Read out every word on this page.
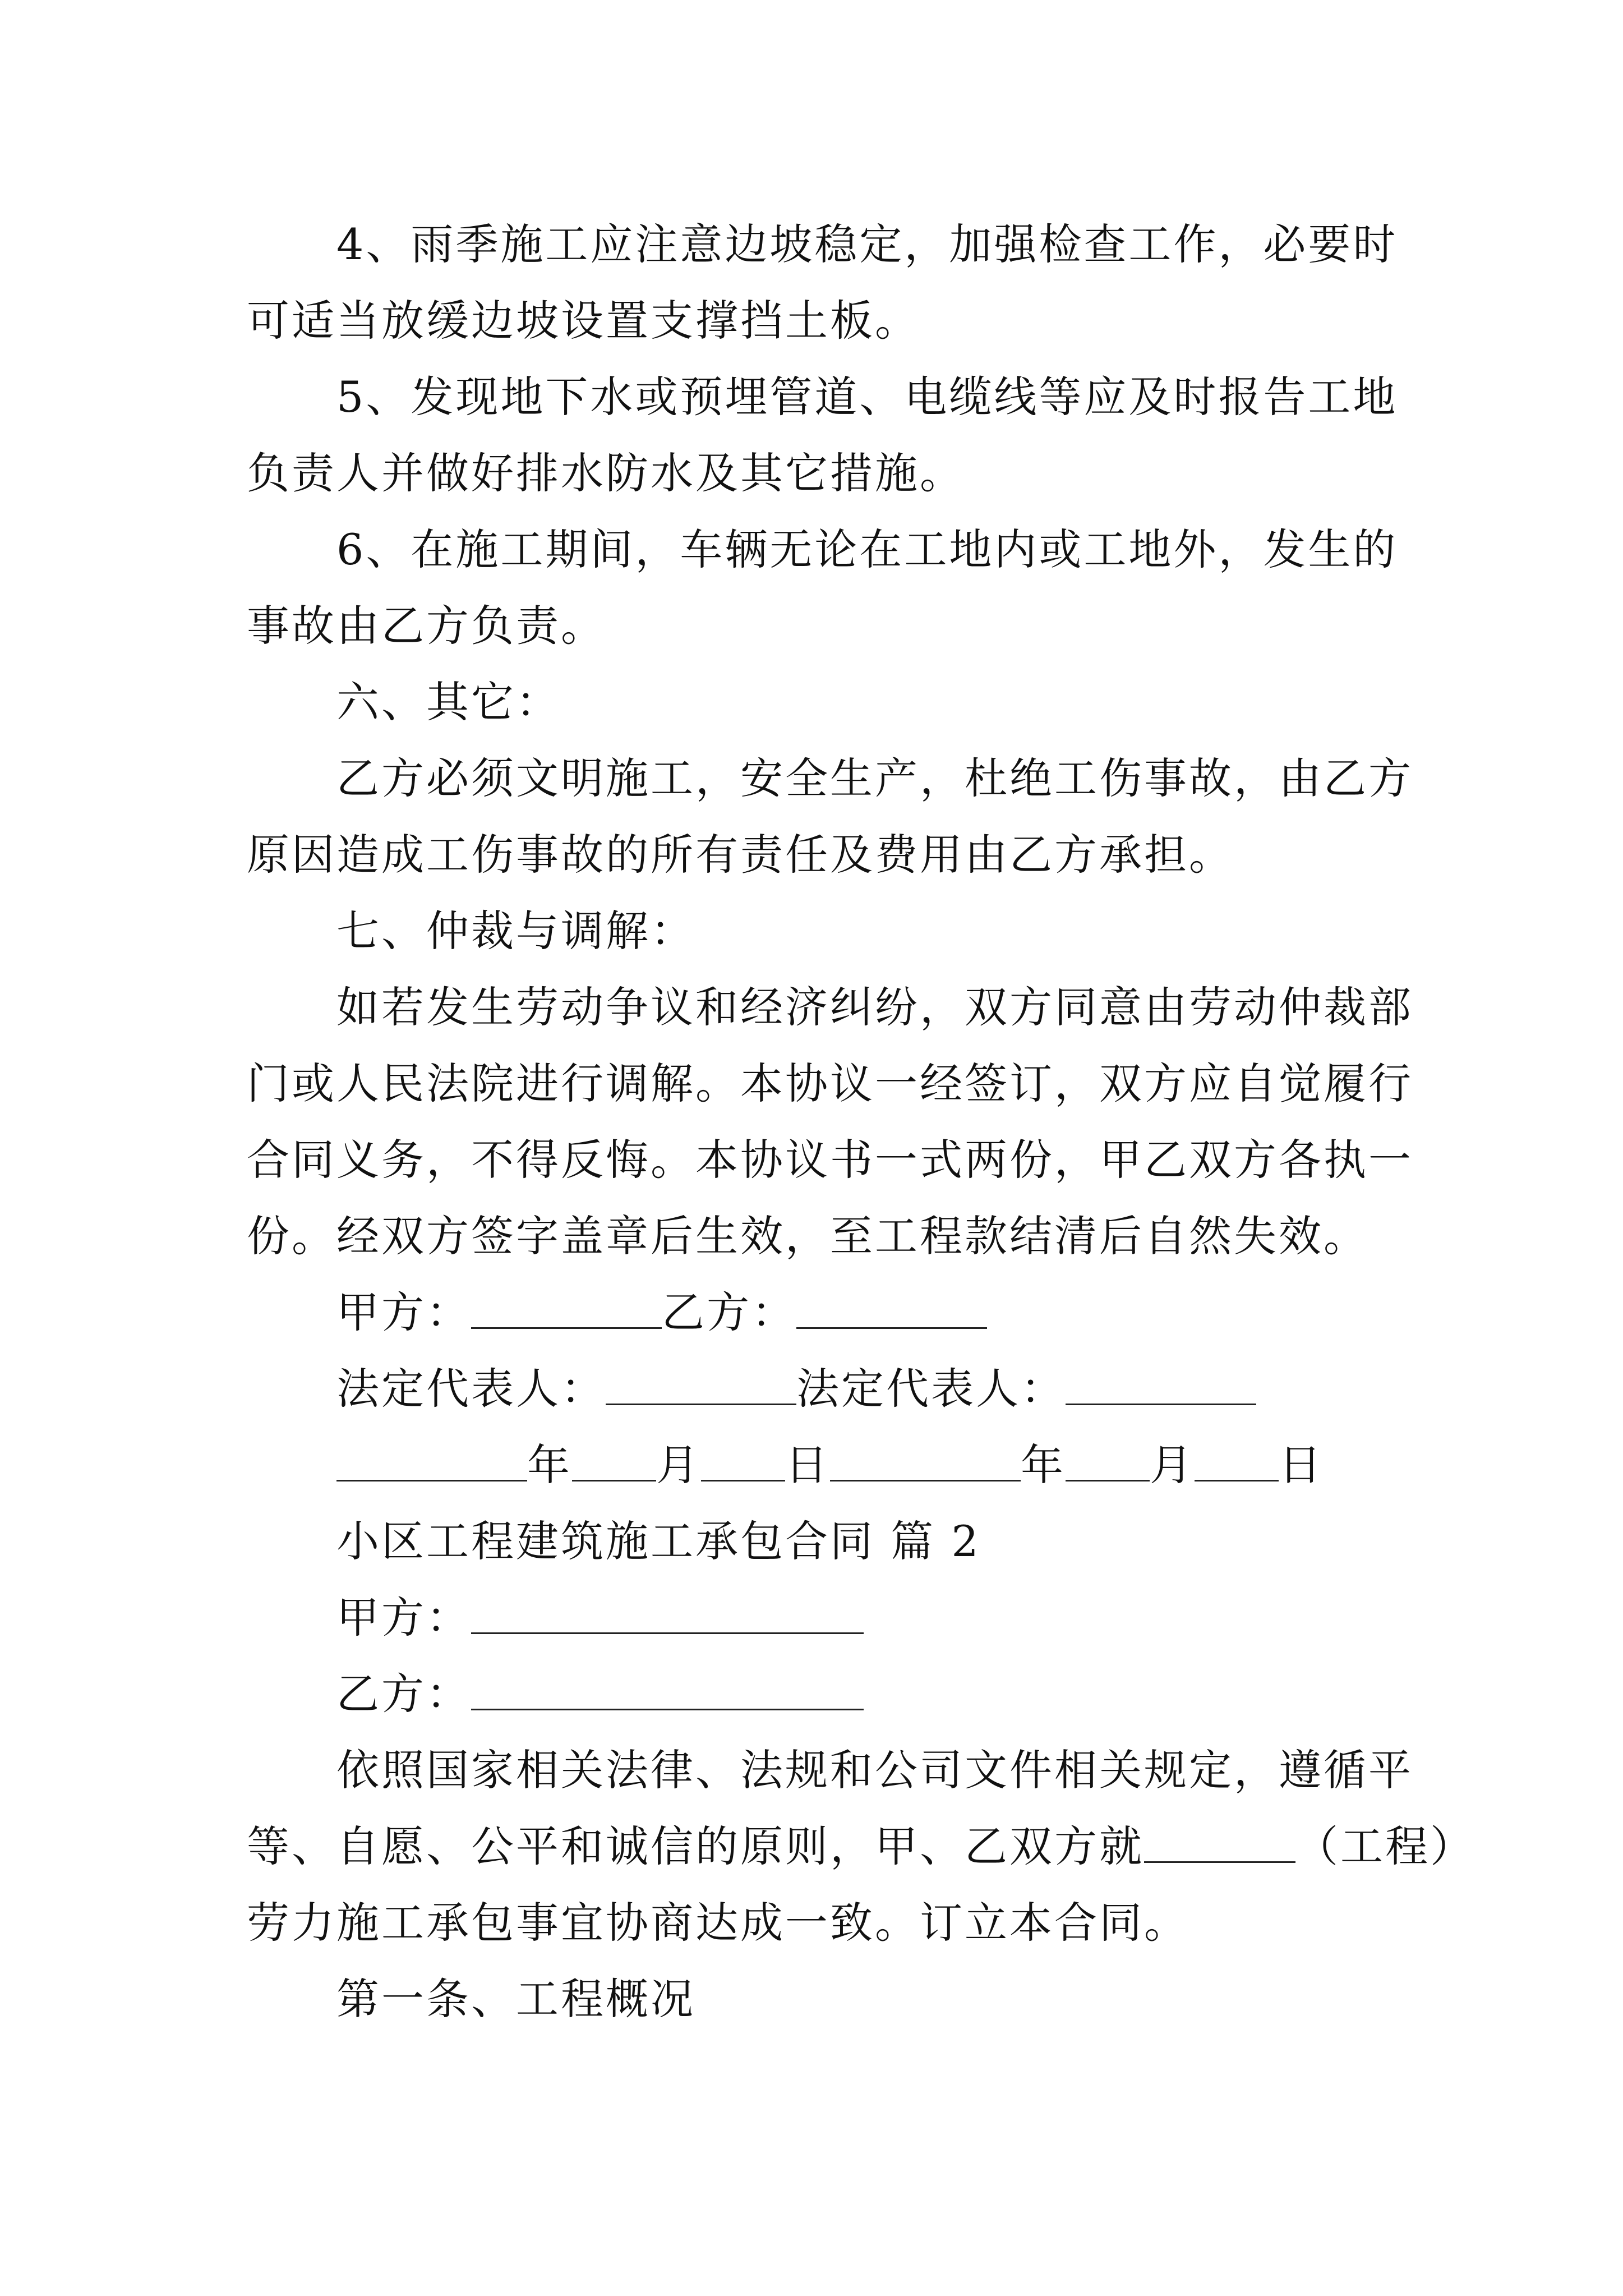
4、雨季施工应注意边坡稳定，加强检查工作，必要时
可适当放缓边坡设置支撑挡土板。
5、发现地下水或预埋管道、电缆线等应及时报告工地
负责人并做好排水防水及其它措施。
6、在施工期间，车辆无论在工地内或工地外，发生的
事故由乙方负责。
六、其它：
乙方必须文明施工，安全生产，杜绝工伤事故，由乙方
原因造成工伤事故的所有责任及费用由乙方承担。
七、仲裁与调解：
如若发生劳动争议和经济纠纷，双方同意由劳动仲裁部
门或人民法院进行调解。本协议一经签订，双方应自觉履行
合同义务，不得反悔。本协议书一式两份，甲乙双方各执一
份。经双方签字盖章后生效，至工程款结清后自然失效。
甲方：	乙方：
法定代表人：	法定代表人：
年 月 日	年 月 日
小区工程建筑施工承包合同 篇 2
甲方：
乙方：
依照国家相关法律、法规和公司文件相关规定，遵循平
等、自愿、公平和诚信的原则，甲、乙双方就	（工程）
劳力施工承包事宜协商达成一致。订立本合同。
第一条、工程概况
